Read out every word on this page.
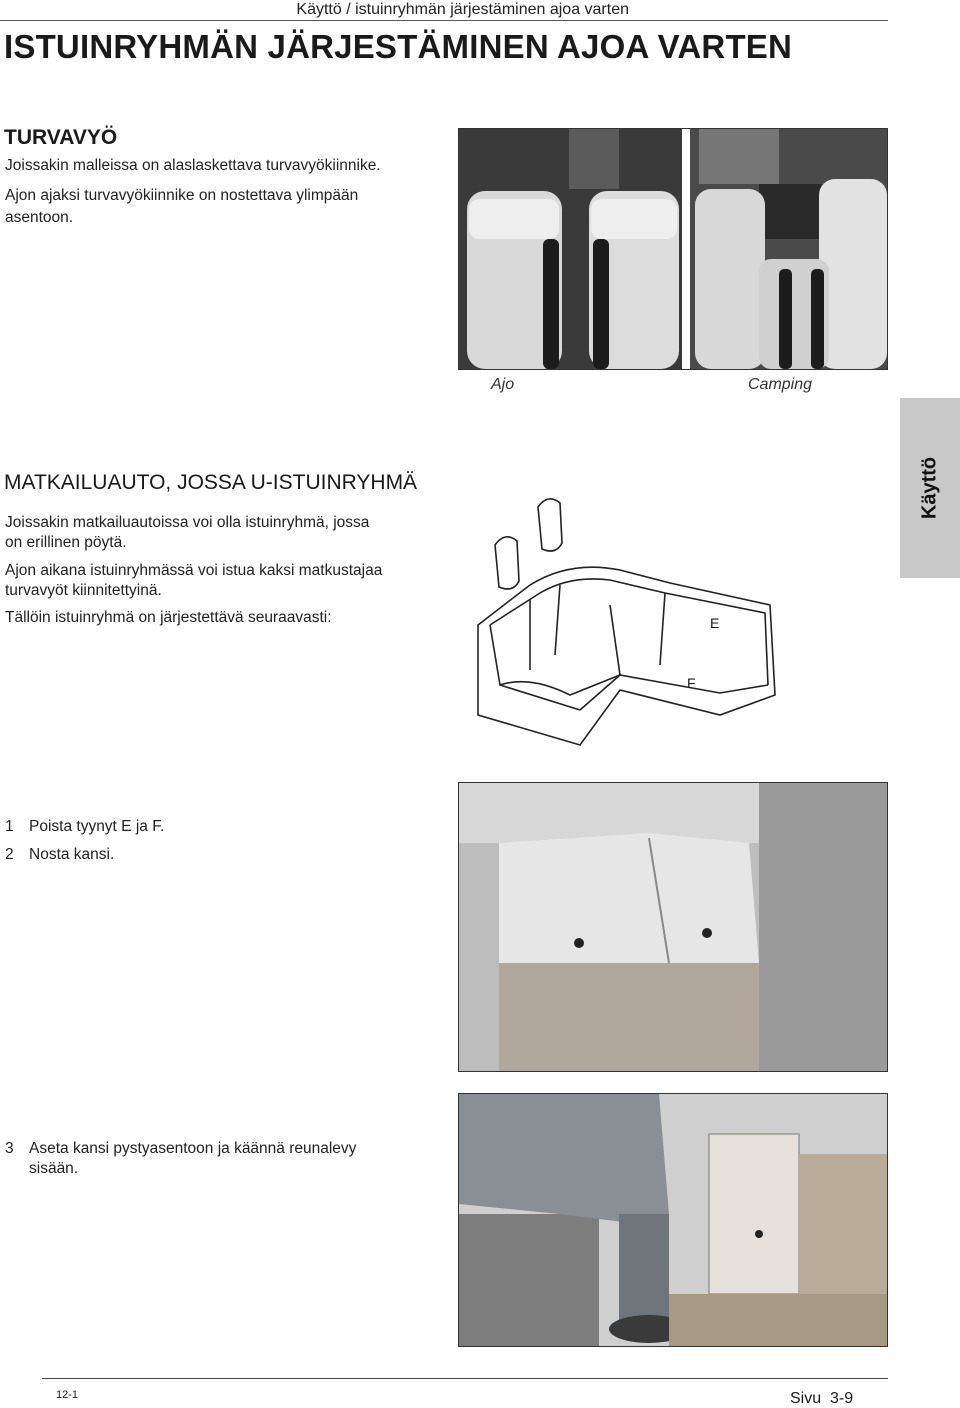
Käyttö / istuinryhmän järjestäminen ajoa varten
ISTUINRYHMÄN JÄRJESTÄMINEN AJOA VARTEN
TURVAVYÖ

Joissakin malleissa on alaslaskettava turvavyökiinnike.

Ajon ajaksi turvavyökiinnike on nostettava ylimpään

asentoon.

Ajo	Camping
Käyttö
MATKAILUAUTO, JOSSA U-ISTUINRYHMÄ

Joissakin matkailuautoissa voi olla istuinryhmä, jossa

on erillinen pöytä.

Ajon aikana istuinryhmässä voi istua kaksi matkustajaa

turvavyöt kiinnitettyinä.

Tällöin istuinryhmä on järjestettävä seuraavasti:	E
F
1 Poista tyynyt E ja F.
2 Nosta kansi.
3 Aseta kansi pystyasentoon ja käännä reunalevy
sisään.
12-1	Sivu  3-9
